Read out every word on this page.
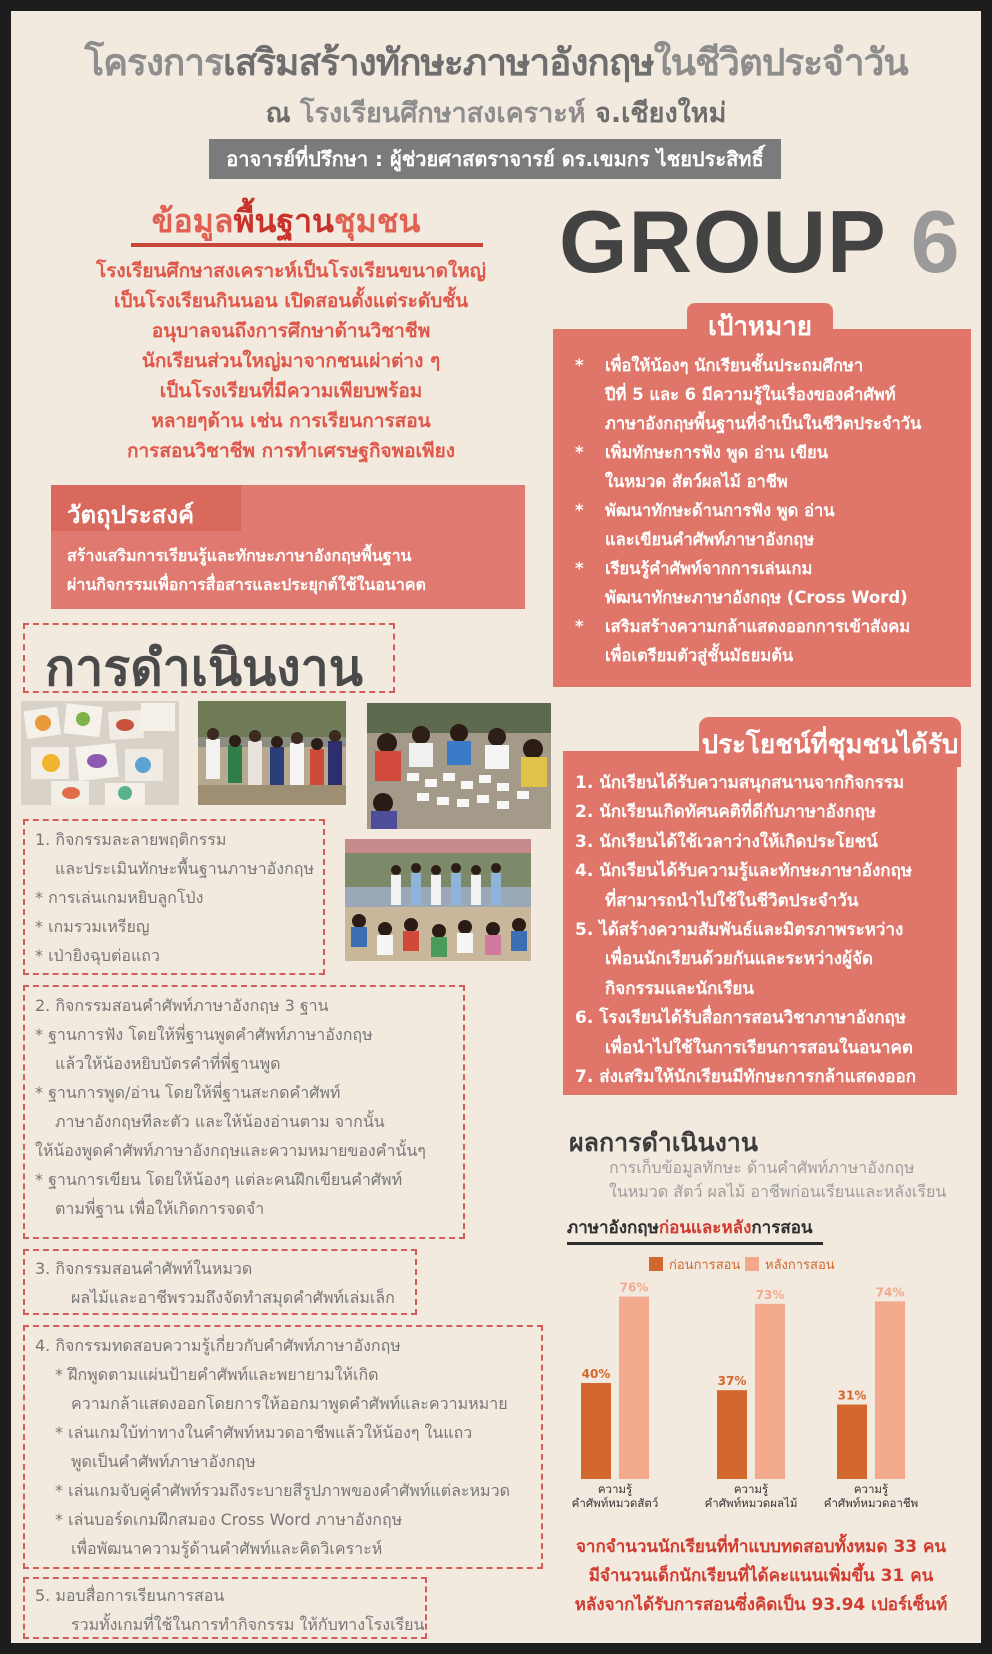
โครงการเสริมสร้างทักษะภาษาอังกฤษในชีวิตประจำวัน
ณ โรงเรียนศึกษาสงเคราะห์ จ.เชียงใหม่
อาจารย์ที่ปรึกษา : ผู้ช่วยศาสตราจารย์ ดร.เขมกร ไชยประสิทธิ์
GROUP 6
ข้อมูลพื้นฐานชุมชน
โรงเรียนศึกษาสงเคราะห์เป็นโรงเรียนขนาดใหญ่
เป็นโรงเรียนกินนอน เปิดสอนตั้งแต่ระดับชั้น
อนุบาลจนถึงการศึกษาด้านวิชาชีพ
นักเรียนส่วนใหญ่มาจากชนเผ่าต่าง ๆ
เป็นโรงเรียนที่มีความเพียบพร้อม
หลายๆด้าน เช่น การเรียนการสอน
การสอนวิชาชีพ การทำเศรษฐกิจพอเพียง
วัตถุประสงค์
สร้างเสริมการเรียนรู้และทักษะภาษาอังกฤษพื้นฐาน
ผ่านกิจกรรมเพื่อการสื่อสารและประยุกต์ใช้ในอนาคต
การดำเนินงาน
1. กิจกรรมละลายพฤติกรรม
และประเมินทักษะพื้นฐานภาษาอังกฤษ
* การเล่นเกมหยิบลูกโป่ง
* เกมรวมเหรียญ
* เป่ายิงฉุบต่อแถว
2. กิจกรรมสอนคำศัพท์ภาษาอังกฤษ 3 ฐาน
* ฐานการฟัง โดยให้พี่ฐานพูดคำศัพท์ภาษาอังกฤษ
แล้วให้น้องหยิบบัตรคำที่พี่ฐานพูด
* ฐานการพูด/อ่าน โดยให้พี่ฐานสะกดคำศัพท์
ภาษาอังกฤษทีละตัว และให้น้องอ่านตาม จากนั้น
ให้น้องพูดคำศัพท์ภาษาอังกฤษและความหมายของคำนั้นๆ
* ฐานการเขียน โดยให้น้องๆ แต่ละคนฝึกเขียนคำศัพท์
ตามพี่ฐาน เพื่อให้เกิดการจดจำ
3. กิจกรรมสอนคำศัพท์ในหมวด
ผลไม้และอาชีพรวมถึงจัดทำสมุดคำศัพท์เล่มเล็ก
4. กิจกรรมทดสอบความรู้เกี่ยวกับคำศัพท์ภาษาอังกฤษ
* ฝึกพูดตามแผ่นป้ายคำศัพท์และพยายามให้เกิด
ความกล้าแสดงออกโดยการให้ออกมาพูดคำศัพท์และความหมาย
* เล่นเกมใบ้ท่าทางในคำศัพท์หมวดอาชีพแล้วให้น้องๆ ในแถว
พูดเป็นคำศัพท์ภาษาอังกฤษ
* เล่นเกมจับคู่คำศัพท์รวมถึงระบายสีรูปภาพของคำศัพท์แต่ละหมวด
* เล่นบอร์ดเกมฝึกสมอง Cross Word ภาษาอังกฤษ
เพื่อพัฒนาความรู้ด้านคำศัพท์และคิดวิเคราะห์
5. มอบสื่อการเรียนการสอน
รวมทั้งเกมที่ใช้ในการทำกิจกรรม ให้กับทางโรงเรียน
เป้าหมาย
* เพื่อให้น้องๆ นักเรียนชั้นประถมศึกษา
ปีที่ 5 และ 6 มีความรู้ในเรื่องของคำศัพท์
ภาษาอังกฤษพื้นฐานที่จำเป็นในชีวิตประจำวัน
* เพิ่มทักษะการฟัง พูด อ่าน เขียน
ในหมวด สัตว์ผลไม้ อาชีพ
* พัฒนาทักษะด้านการฟัง พูด อ่าน
และเขียนคำศัพท์ภาษาอังกฤษ
* เรียนรู้คำศัพท์จากการเล่นเกม
พัฒนาทักษะภาษาอังกฤษ (Cross Word)
* เสริมสร้างความกล้าแสดงออกการเข้าสังคม
เพื่อเตรียมตัวสู่ชั้นมัธยมต้น
ประโยชน์ที่ชุมชนได้รับ
1. นักเรียนได้รับความสนุกสนานจากกิจกรรม
2. นักเรียนเกิดทัศนคติที่ดีกับภาษาอังกฤษ
3. นักเรียนได้ใช้เวลาว่างให้เกิดประโยชน์
4. นักเรียนได้รับความรู้และทักษะภาษาอังกฤษ
ที่สามารถนำไปใช้ในชีวิตประจำวัน
5. ได้สร้างความสัมพันธ์และมิตรภาพระหว่าง
เพื่อนนักเรียนด้วยกันและระหว่างผู้จัด
กิจกรรมและนักเรียน
6. โรงเรียนได้รับสื่อการสอนวิชาภาษาอังกฤษ
เพื่อนำไปใช้ในการเรียนการสอนในอนาคต
7. ส่งเสริมให้นักเรียนมีทักษะการกล้าแสดงออก
ผลการดำเนินงาน
การเก็บข้อมูลทักษะ ด้านคำศัพท์ภาษาอังกฤษ
ในหมวด สัตว์ ผลไม้ อาชีพก่อนเรียนและหลังเรียน
ภาษาอังกฤษก่อนและหลังการสอน
ก่อนการสอน หลังการสอน
40%
37%
31%
76%
73%	74%
ความรู้
คำศัพท์หมวดสัตว์
ความรู้
คำศัพท์หมวดผลไม้
ความรู้
คำศัพท์หมวดอาชีพ
จากจำนวนนักเรียนที่ทำแบบทดสอบทั้งหมด 33 คน
มีจำนวนเด็กนักเรียนที่ได้คะแนนเพิ่มขึ้น 31 คน
หลังจากได้รับการสอนซึ่งคิดเป็น 93.94 เปอร์เซ็นท์
